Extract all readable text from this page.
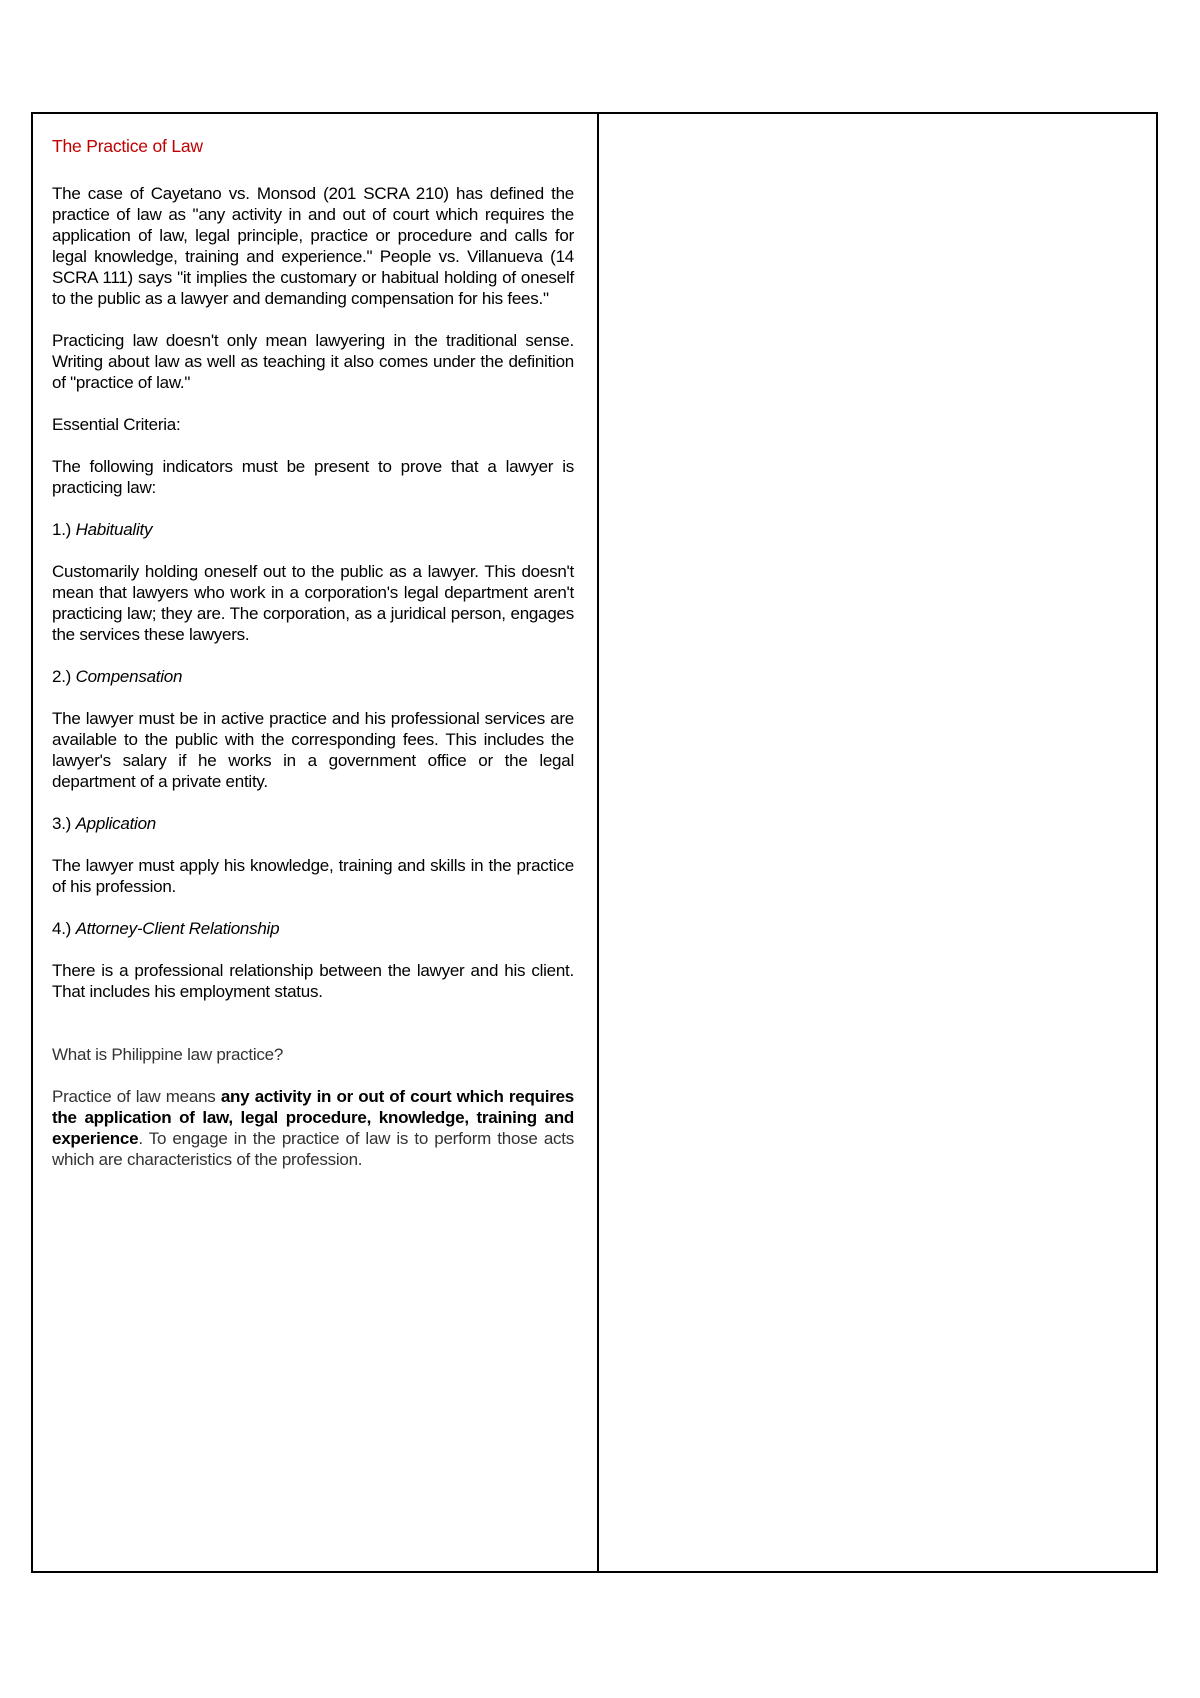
The Practice of Law

The case of Cayetano vs. Monsod (201 SCRA 210) has defined the practice of law as "any activity in and out of court which requires the application of law, legal principle, practice or procedure and calls for legal knowledge, training and experience." People vs. Villanueva (14 SCRA 111) says "it implies the customary or habitual holding of oneself to the public as a lawyer and demanding compensation for his fees."

Practicing law doesn't only mean lawyering in the traditional sense. Writing about law as well as teaching it also comes under the definition of "practice of law."

Essential Criteria:

The following indicators must be present to prove that a lawyer is practicing law:

1.) Habituality

Customarily holding oneself out to the public as a lawyer. This doesn't mean that lawyers who work in a corporation's legal department aren't practicing law; they are. The corporation, as a juridical person, engages the services these lawyers.

2.) Compensation

The lawyer must be in active practice and his professional services are available to the public with the corresponding fees. This includes the lawyer's salary if he works in a government office or the legal department of a private entity.

3.) Application

The lawyer must apply his knowledge, training and skills in the practice of his profession.

4.) Attorney-Client Relationship

There is a professional relationship between the lawyer and his client. That includes his employment status.

What is Philippine law practice?

Practice of law means any activity in or out of court which requires the application of law, legal procedure, knowledge, training and experience. To engage in the practice of law is to perform those acts which are characteristics of the profession.
